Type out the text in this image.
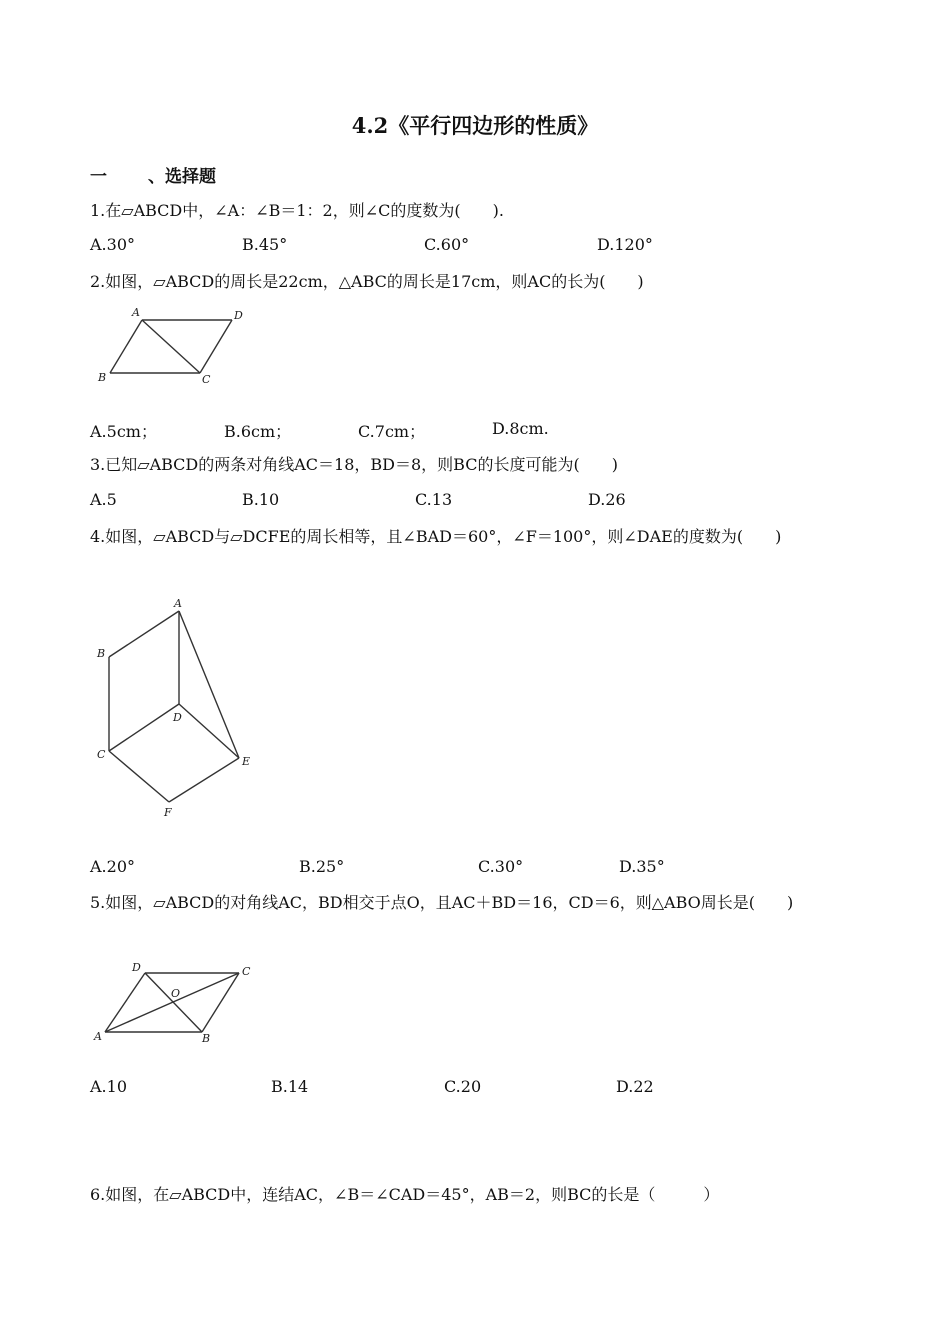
4.2《平行四边形的性质》
一 、选择题

1.在▱ABCD中，∠A：∠B＝1：2，则∠C的度数为(　　).

A.30°	B.45°	C.60°	D.120°

2.如图，▱ABCD的周长是22cm，△ABC的周长是17cm，则AC的长为(　　)

A	D
B	C
A.5cm；	B.6cm；	C.7cm；	D.8cm.

3.已知▱ABCD的两条对角线AC＝18，BD＝8，则BC的长度可能为(　　)

A.5	B.10	C.13	D.26

4.如图，▱ABCD与▱DCFE的周长相等，且∠BAD＝60°，∠F＝100°，则∠DAE的度数为(　　)

A
B
D
C
E
F
A.20°	B.25°	C.30°	D.35°

5.如图，▱ABCD的对角线AC，BD相交于点O，且AC＋BD＝16，CD＝6，则△ABO周长是(　　)

D	C
O
A	B
A.10	B.14	C.20	D.22

6.如图，在▱ABCD中，连结AC，∠B＝∠CAD＝45°，AB＝2，则BC的长是（　　　）
